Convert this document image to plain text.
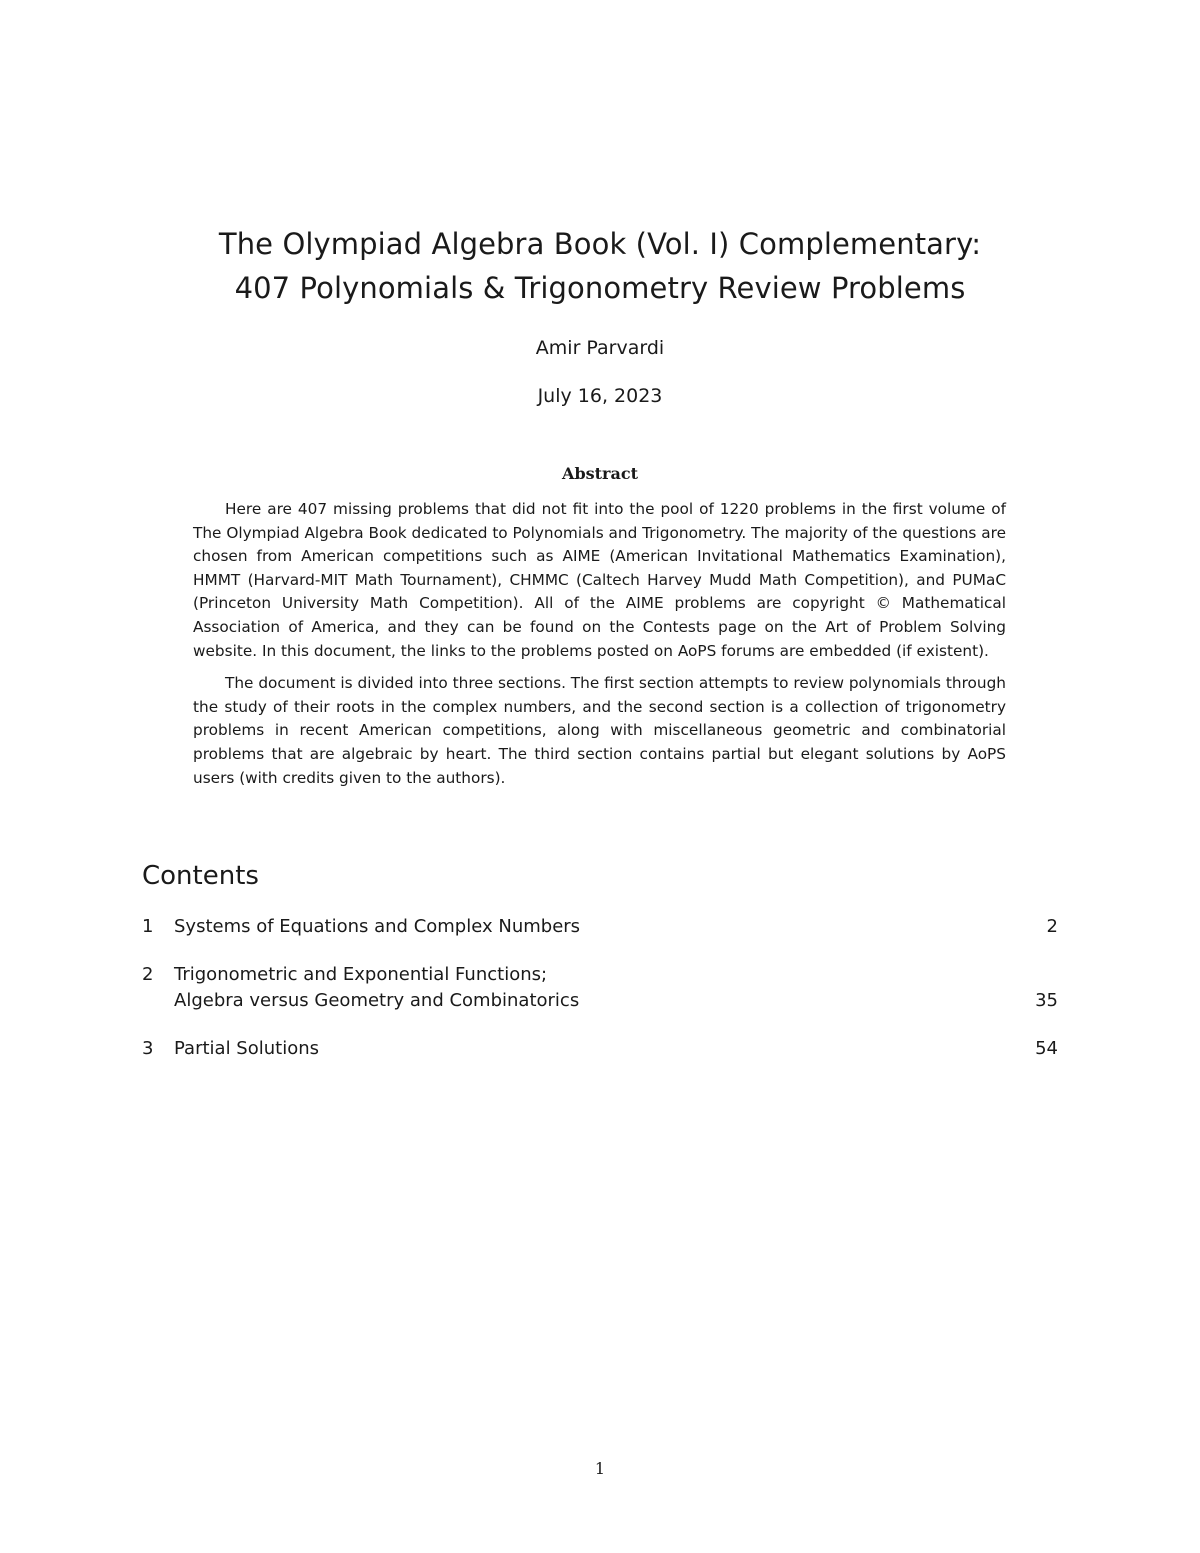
The Olympiad Algebra Book (Vol. I) Complementary:
407 Polynomials & Trigonometry Review Problems
Amir Parvardi
July 16, 2023
Abstract

Here are 407 missing problems that did not fit into the pool of 1220 problems in the first volume of The Olympiad Algebra Book dedicated to Polynomials and Trigonometry. The majority of the questions are chosen from American competitions such as AIME (American Invitational Mathematics Examination), HMMT (Harvard-MIT Math Tournament), CHMMC (Caltech Harvey Mudd Math Competition), and PUMaC (Princeton University Math Competition). All of the AIME problems are copyright © Mathematical Association of America, and they can be found on the Contests page on the Art of Problem Solving website. In this document, the links to the problems posted on AoPS forums are embedded (if existent).

The document is divided into three sections. The first section attempts to review polynomials through the study of their roots in the complex numbers, and the second section is a collection of trigonometry problems in recent American competitions, along with miscellaneous geometric and combinatorial problems that are algebraic by heart. The third section contains partial but elegant solutions by AoPS users (with credits given to the authors).

Contents
1	Systems of Equations and Complex Numbers	2
2	Trigonometric and Exponential Functions;
Algebra versus Geometry and Combinatorics	35
3	Partial Solutions	54
1
